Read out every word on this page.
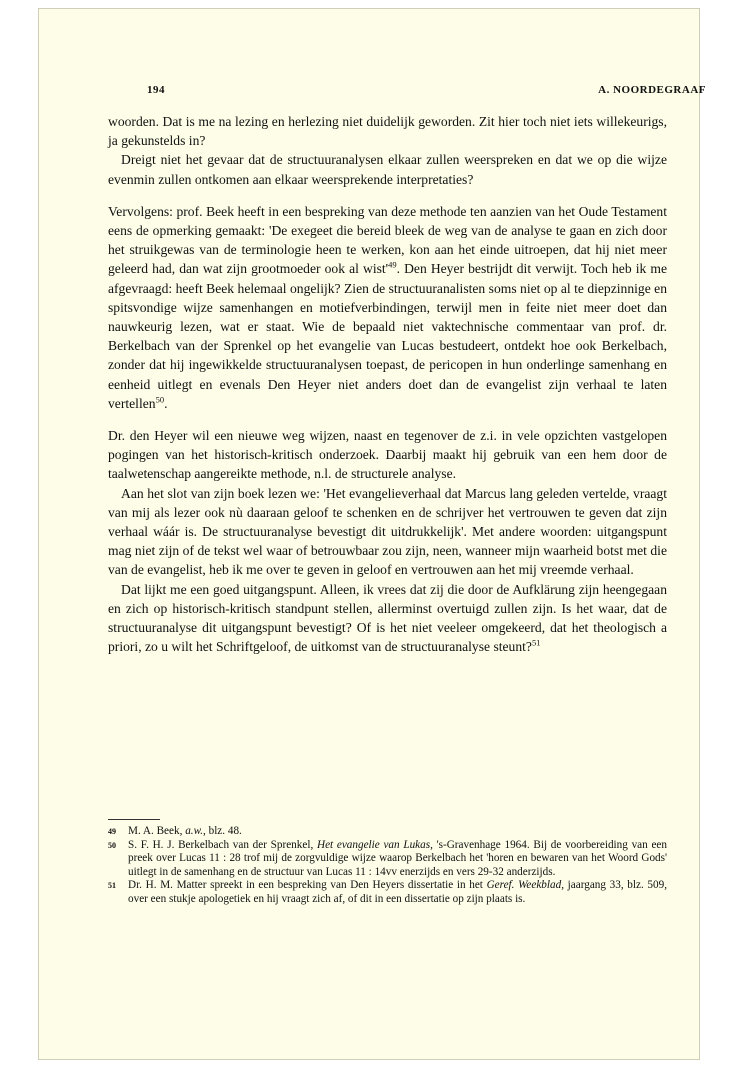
194	A. NOORDEGRAAF

woorden. Dat is me na lezing en herlezing niet duidelijk geworden. Zit hier toch niet iets willekeurigs, ja gekunstelds in?

Dreigt niet het gevaar dat de structuuranalysen elkaar zullen weerspreken en dat we op die wijze evenmin zullen ontkomen aan elkaar weersprekende interpretaties?

Vervolgens: prof. Beek heeft in een bespreking van deze methode ten aanzien van het Oude Testament eens de opmerking gemaakt: 'De exegeet die bereid bleek de weg van de analyse te gaan en zich door het struikgewas van de terminologie heen te werken, kon aan het einde uitroepen, dat hij niet meer geleerd had, dan wat zijn grootmoeder ook al $wist'^{49}$. Den Heyer bestrijdt dit verwijt. Toch heb ik me afgevraagd: heeft Beek helemaal ongelijk? Zien de structuuranalisten soms niet op al te diepzinnige en spitsvondige wijze samenhangen en motiefverbindingen, terwijl men in feite niet meer doet dan nauwkeurig lezen, wat er staat. Wie de bepaald niet vaktechnische commentaar van prof. dr. Berkelbach van der Sprenkel op het evangelie van Lucas bestudeert, ontdekt hoe ook Berkelbach, zonder dat hij ingewikkelde structuuranalysen toepast, de pericopen in hun onderlinge samenhang en eenheid uitlegt en evenals Den Heyer niet anders doet dan de evangelist zijn verhaal te laten vertellen$^{50}$.

Dr. den Heyer wil een nieuwe weg wijzen, naast en tegenover de z.i. in vele opzichten vastgelopen pogingen van het historisch-kritisch onderzoek. Daarbij maakt hij gebruik van een hem door de taalwetenschap aangereikte methode, n.l. de structurele analyse.

Aan het slot van zijn boek lezen we: 'Het evangelieverhaal dat Marcus lang geleden vertelde, vraagt van mij als lezer ook nù daaraan geloof te schenken en de schrijver het vertrouwen te geven dat zijn verhaal wáár is. De structuuranalyse bevestigt dit uitdrukkelijk'. Met andere woorden: uitgangspunt mag niet zijn of de tekst wel waar of betrouwbaar zou zijn, neen, wanneer mijn waarheid botst met die van de evangelist, heb ik me over te geven in geloof en vertrouwen aan het mij vreemde verhaal.

Dat lijkt me een goed uitgangspunt. Alleen, ik vrees dat zij die door de Aufklärung zijn heengegaan en zich op historisch-kritisch standpunt stellen, allerminst overtuigd zullen zijn. Is het waar, dat de structuuranalyse dit uitgangspunt bevestigt? Of is het niet veeleer omgekeerd, dat het theologisch a priori, zo u wilt het Schriftgeloof, de uitkomst van de structuuranalyse steunt?$^{51}$

49 M. A. Beek, a.w., blz. 48.
50 S. F. H. J. Berkelbach van der Sprenkel, Het evangelie van Lukas, 's-Gravenhage 1964. Bij de voorbereiding van een preek over Lucas 11 : 28 trof mij de zorgvuldige wijze waarop Berkelbach het 'horen en bewaren van het Woord Gods' uitlegt in de samenhang en de structuur van Lucas 11 : 14vv enerzijds en vers 29-32 anderzijds.
51 Dr. H. M. Matter spreekt in een bespreking van Den Heyers dissertatie in het Geref. Weekblad, jaargang 33, blz. 509, over een stukje apologetiek en hij vraagt zich af, of dit in een dissertatie op zijn plaats is.
